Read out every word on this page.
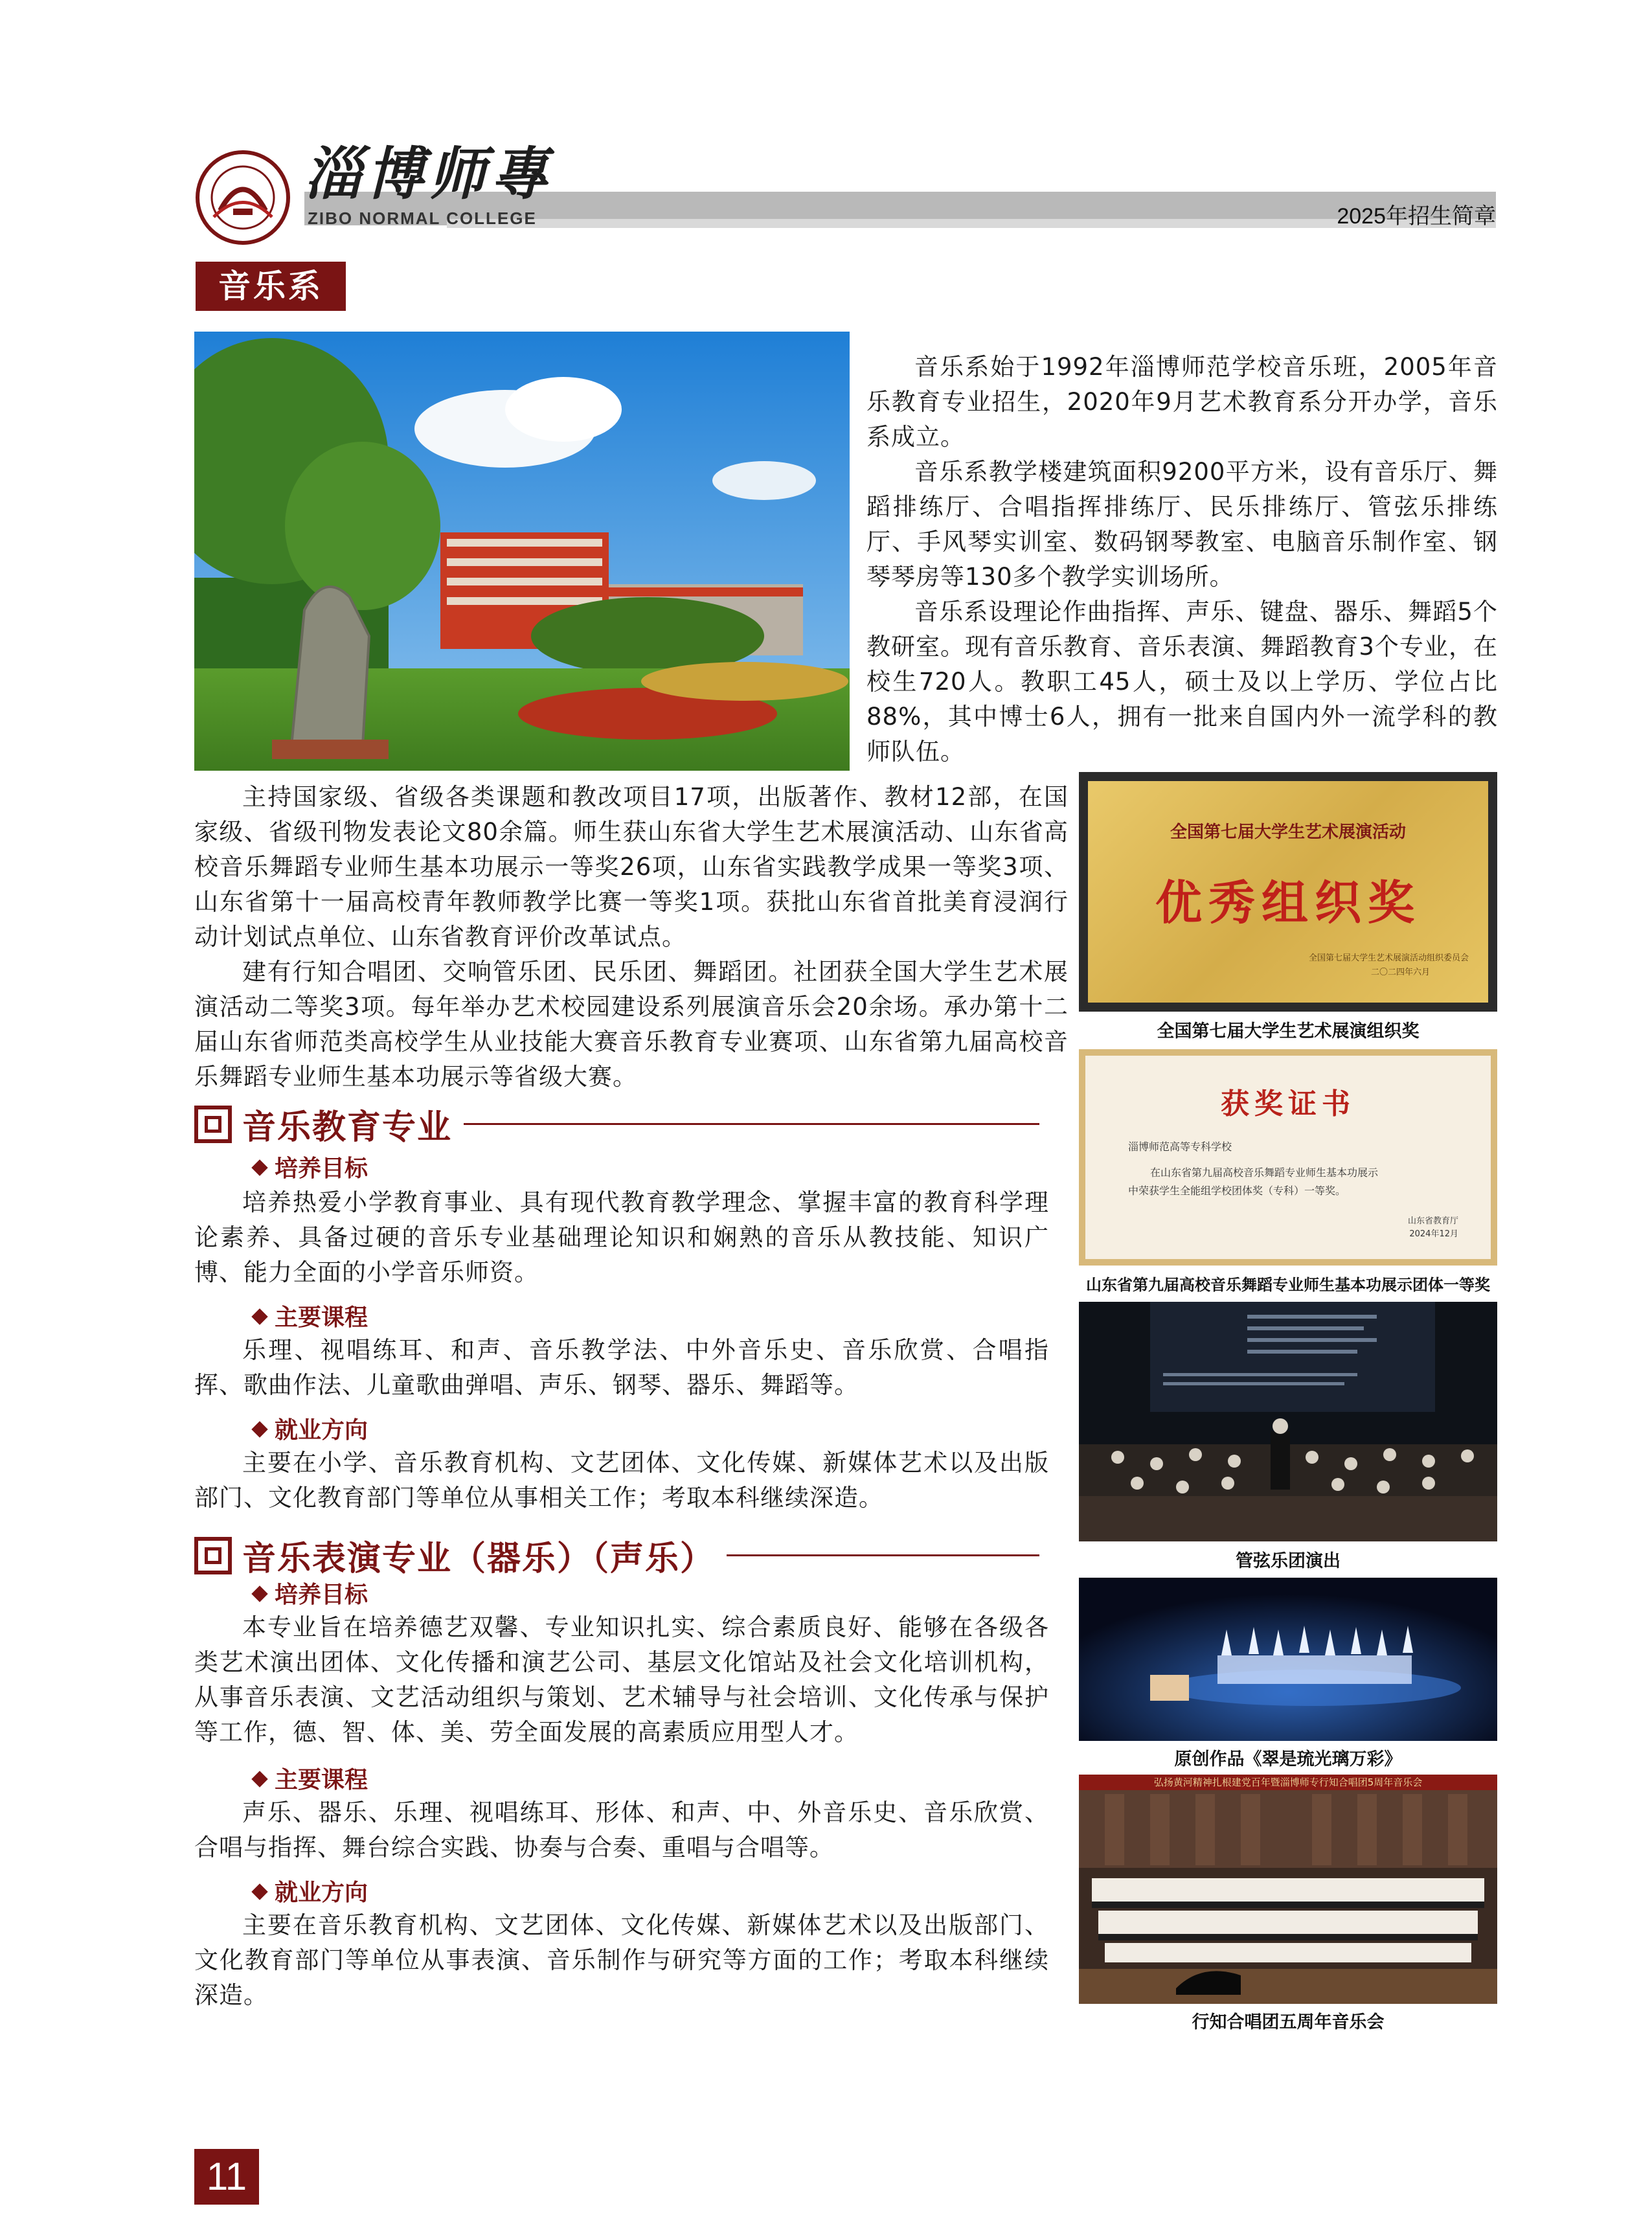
淄博师專
ZIBO NORMAL COLLEGE	2025年招生简章
音乐系

音乐系始于1992年淄博师范学校音乐班，2005年音乐教育专业招生，2020年9月艺术教育系分开办学，音乐系成立。

音乐系教学楼建筑面积9200平方米，设有音乐厅、舞蹈排练厅、合唱指挥排练厅、民乐排练厅、管弦乐排练厅、手风琴实训室、数码钢琴教室、电脑音乐制作室、钢琴琴房等130多个教学实训场所。

音乐系设理论作曲指挥、声乐、键盘、器乐、舞蹈5个教研室。现有音乐教育、音乐表演、舞蹈教育3个专业，在校生720人。教职工45人，硕士及以上学历、学位占比88%，其中博士6人，拥有一批来自国内外一流学科的教师队伍。

主持国家级、省级各类课题和教改项目17项，出版著作、教材12部，在国家级、省级刊物发表论文80余篇。师生获山东省大学生艺术展演活动、山东省高校音乐舞蹈专业师生基本功展示一等奖26项，山东省实践教学成果一等奖3项、山东省第十一届高校青年教师教学比赛一等奖1项。获批山东省首批美育浸润行动计划试点单位、山东省教育评价改革试点。

建有行知合唱团、交响管乐团、民乐团、舞蹈团。社团获全国大学生艺术展演活动二等奖3项。每年举办艺术校园建设系列展演音乐会20余场。承办第十二届山东省师范类高校学生从业技能大赛音乐教育专业赛项、山东省第九届高校音乐舞蹈专业师生基本功展示等省级大赛。

音乐教育专业
培养目标

培养热爱小学教育事业、具有现代教育教学理念、掌握丰富的教育科学理论素养、具备过硬的音乐专业基础理论知识和娴熟的音乐从教技能、知识广博、能力全面的小学音乐师资。

主要课程

乐理、视唱练耳、和声、音乐教学法、中外音乐史、音乐欣赏、合唱指挥、歌曲作法、儿童歌曲弹唱、声乐、钢琴、器乐、舞蹈等。

就业方向

主要在小学、音乐教育机构、文艺团体、文化传媒、新媒体艺术以及出版部门、文化教育部门等单位从事相关工作；考取本科继续深造。

音乐表演专业（器乐）（声乐）
培养目标

本专业旨在培养德艺双馨、专业知识扎实、综合素质良好、能够在各级各类艺术演出团体、文化传播和演艺公司、基层文化馆站及社会文化培训机构，从事音乐表演、文艺活动组织与策划、艺术辅导与社会培训、文化传承与保护等工作，德、智、体、美、劳全面发展的高素质应用型人才。

主要课程

声乐、器乐、乐理、视唱练耳、形体、和声、中、外音乐史、音乐欣赏、合唱与指挥、舞台综合实践、协奏与合奏、重唱与合唱等。

就业方向

主要在音乐教育机构、文艺团体、文化传媒、新媒体艺术以及出版部门、文化教育部门等单位从事表演、音乐制作与研究等方面的工作；考取本科继续深造。

全国第七届大学生艺术展演活动
优秀组织奖
全国第七届大学生艺术展演活动组织委员会
二〇二四年六月
全国第七届大学生艺术展演组织奖
获奖证书
淄博师范高等专科学校
在山东省第九届高校音乐舞蹈专业师生基本功展示
中荣获学生全能组学校团体奖（专科）一等奖。
山东省教育厅
2024年12月
山东省第九届高校音乐舞蹈专业师生基本功展示团体一等奖
管弦乐团演出
原创作品《翠是琉光璃万彩》
弘扬黄河精神扎根建党百年暨淄博师专行知合唱团5周年音乐会
行知合唱团五周年音乐会
11
